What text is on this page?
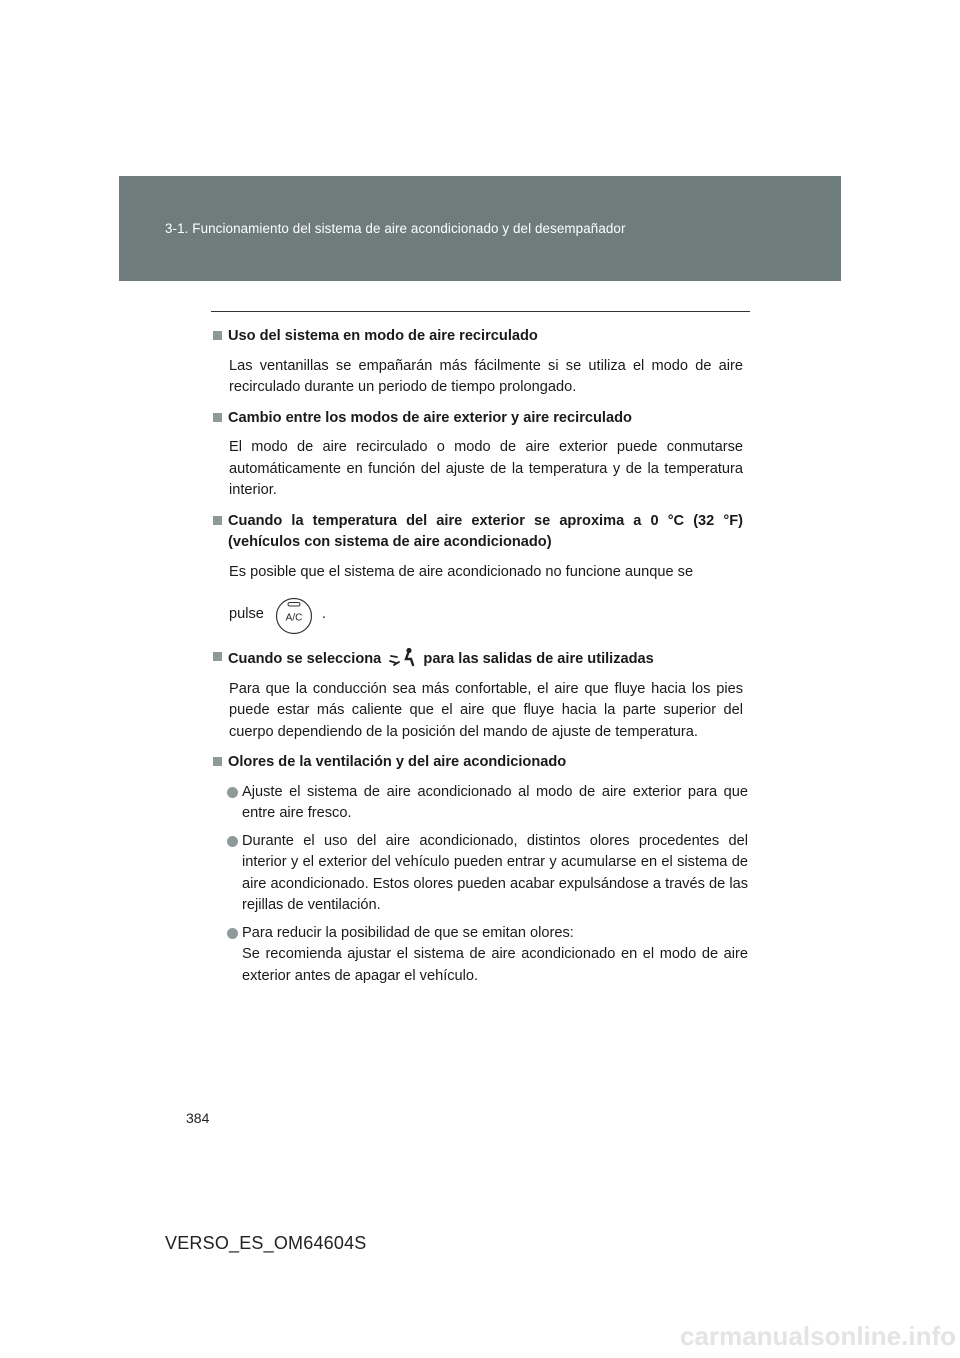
3-1. Funcionamiento del sistema de aire acondicionado y del desempañador
Uso del sistema en modo de aire recirculado
Las ventanillas se empañarán más fácilmente si se utiliza el modo de aire recirculado durante un periodo de tiempo prolongado.
Cambio entre los modos de aire exterior y aire recirculado
El modo de aire recirculado o modo de aire exterior puede conmutarse automáticamente en función del ajuste de la temperatura y de la temperatura interior.
Cuando la temperatura del aire exterior se aproxima a 0 °C (32 °F) (vehículos con sistema de aire acondicionado)
Es posible que el sistema de aire acondicionado no funcione aunque se
pulse A/C .
Cuando se selecciona	para las salidas de aire utilizadas
Para que la conducción sea más confortable, el aire que fluye hacia los pies puede estar más caliente que el aire que fluye hacia la parte superior del cuerpo dependiendo de la posición del mando de ajuste de temperatura.
Olores de la ventilación y del aire acondicionado
Ajuste el sistema de aire acondicionado al modo de aire exterior para que entre aire fresco.
Durante el uso del aire acondicionado, distintos olores procedentes del interior y el exterior del vehículo pueden entrar y acumularse en el sistema de aire acondicionado. Estos olores pueden acabar expulsándose a través de las rejillas de ventilación.
Para reducir la posibilidad de que se emitan olores:
Se recomienda ajustar el sistema de aire acondicionado en el modo de aire exterior antes de apagar el vehículo.
384
VERSO_ES_OM64604S
carmanualsonline.info
